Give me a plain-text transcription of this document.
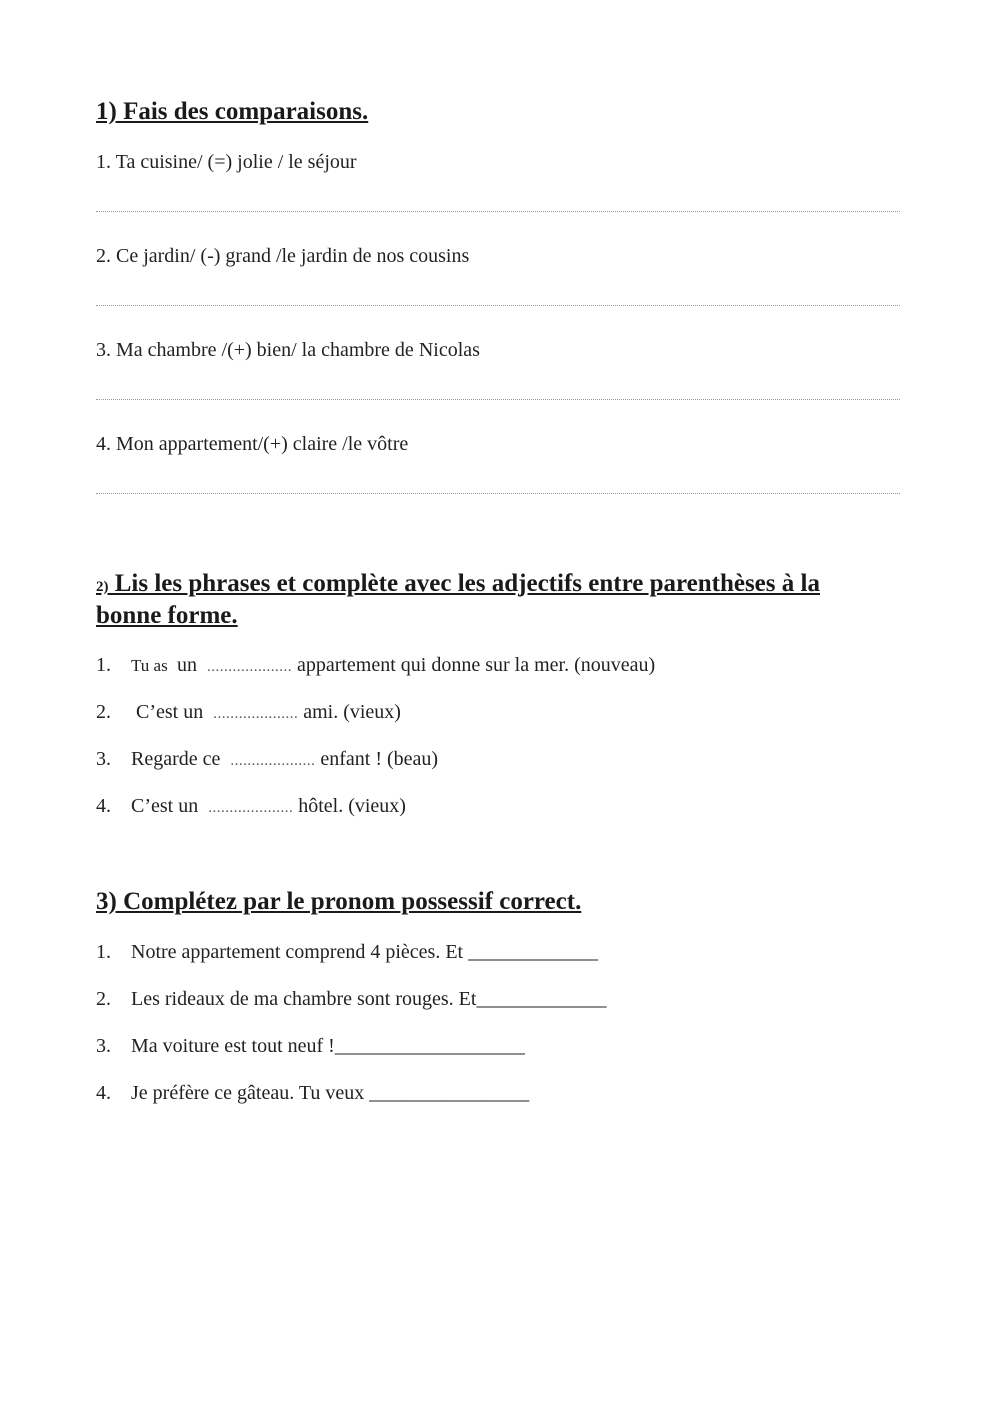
1) Fais des comparaisons.
1. Ta cuisine/ (=) jolie / le séjour
2. Ce jardin/ (-) grand /le jardin de nos cousins
3. Ma chambre /(+) bien/ la chambre de Nicolas
4. Mon appartement/(+) claire /le vôtre
2) Lis les phrases et complète avec les adjectifs entre parenthèses à la
bonne forme.
1. Tu as  un  .................... appartement qui donne sur la mer. (nouveau)
2. C’est un  .................... ami. (vieux)
3. Regarde ce  .................... enfant ! (beau)
4. C’est un  .................... hôtel. (vieux)
3) Complétez par le pronom possessif correct.
1. Notre appartement comprend 4 pièces. Et _____________
2. Les rideaux de ma chambre sont rouges. Et_____________
3. Ma voiture est tout neuf !___________________
4. Je préfère ce gâteau. Tu veux ________________
